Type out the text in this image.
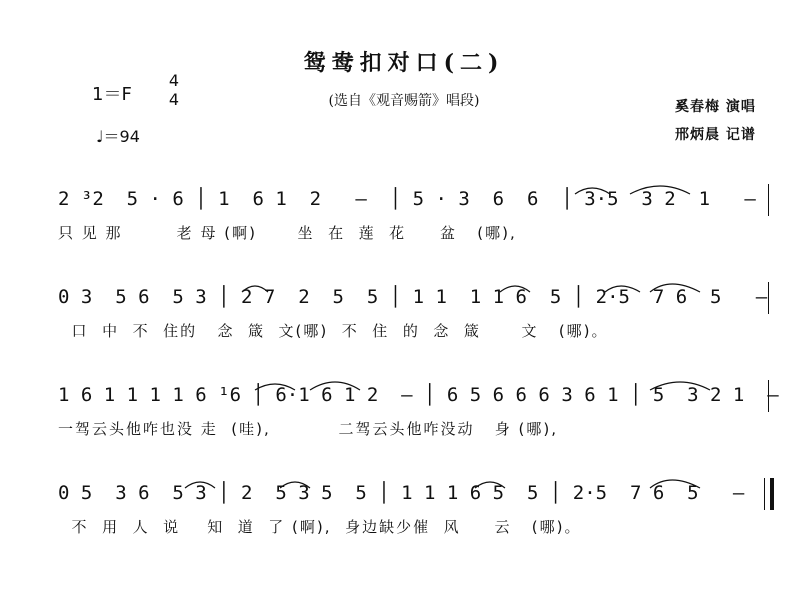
鸳鸯扣对口(二)
(选自《观音赐箭》唱段)
1＝F
4
4
♩＝94
奚春梅 演唱
邢炳晨 记谱
2 ³2  5 · 6 │ 1  6 1  2   –  │ 5 · 3  6  6  │ 3·5  3 2  1   –
只 见 那        老 母 (啊)      坐  在  莲  花     盆   (哪),
0 3  5 6  5 3 │ 2 7  2  5  5 │ 1 1  1 1 6  5 │ 2·5  7 6  5   –
口  中  不  住的   念  箴  文(哪)  不  住  的  念  箴      文   (哪)。
1 6 1 1 1 1 6 ¹6 │ 6·1 6 1 2  – │ 6 5 6 6 6 3 6 1 │ 5  3 2 1  –
一驾云头他咋也没 走  (哇),          二驾云头他咋没动   身 (哪),
0 5  3 6  5 3 │ 2  5 3 5  5 │ 1 1 1 6 5  5 │ 2·5  7 6  5   –
不  用  人  说    知  道  了 (啊),  身边缺少催  风     云   (哪)。
